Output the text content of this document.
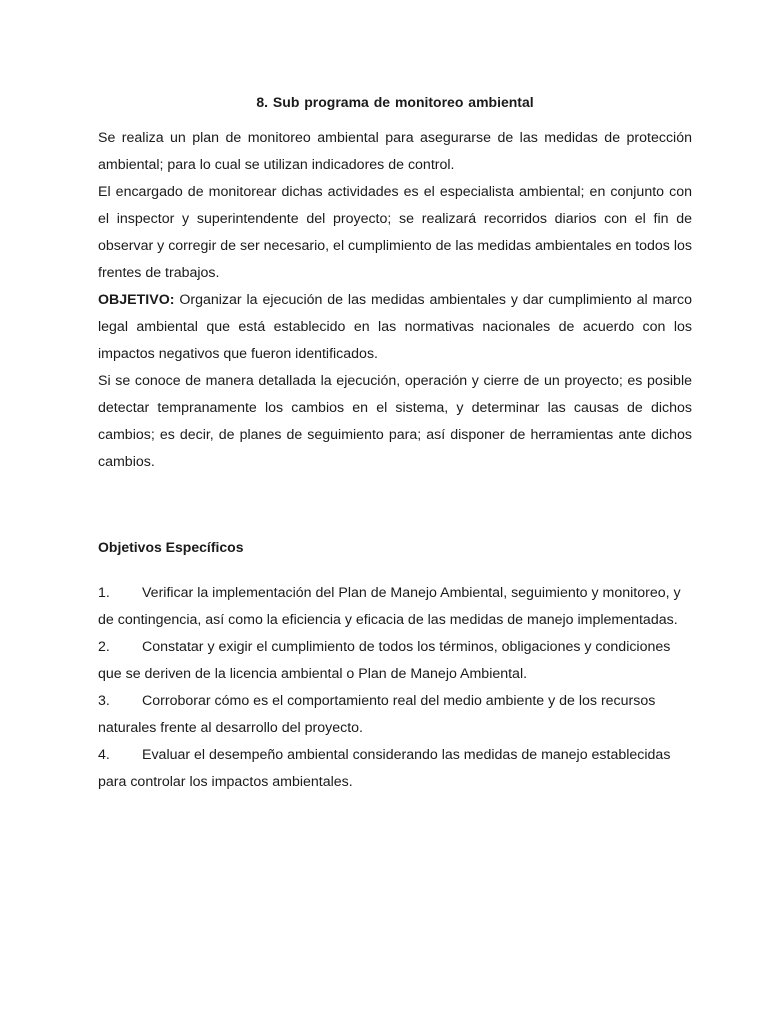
8. Sub programa de monitoreo ambiental

Se realiza un plan de monitoreo ambiental para asegurarse de las medidas de protección ambiental; para lo cual se utilizan indicadores de control.

El encargado de monitorear dichas actividades es el especialista ambiental; en conjunto con el inspector y superintendente del proyecto; se realizará recorridos diarios con el fin de observar y corregir de ser necesario, el cumplimiento de las medidas ambientales en todos los frentes de trabajos.

OBJETIVO: Organizar la ejecución de las medidas ambientales y dar cumplimiento al marco legal ambiental que está establecido en las normativas nacionales de acuerdo con los impactos negativos que fueron identificados.

Si se conoce de manera detallada la ejecución, operación y cierre de un proyecto; es posible detectar tempranamente los cambios en el sistema, y determinar las causas de dichos cambios; es decir, de planes de seguimiento para; así disponer de herramientas ante dichos cambios.

Objetivos Específicos
1. Verificar la implementación del Plan de Manejo Ambiental, seguimiento y monitoreo, y de contingencia, así como la eficiencia y eficacia de las medidas de manejo implementadas.
2. Constatar y exigir el cumplimiento de todos los términos, obligaciones y condiciones que se deriven de la licencia ambiental o Plan de Manejo Ambiental.
3. Corroborar cómo es el comportamiento real del medio ambiente y de los recursos naturales frente al desarrollo del proyecto.
4. Evaluar el desempeño ambiental considerando las medidas de manejo establecidas para controlar los impactos ambientales.
